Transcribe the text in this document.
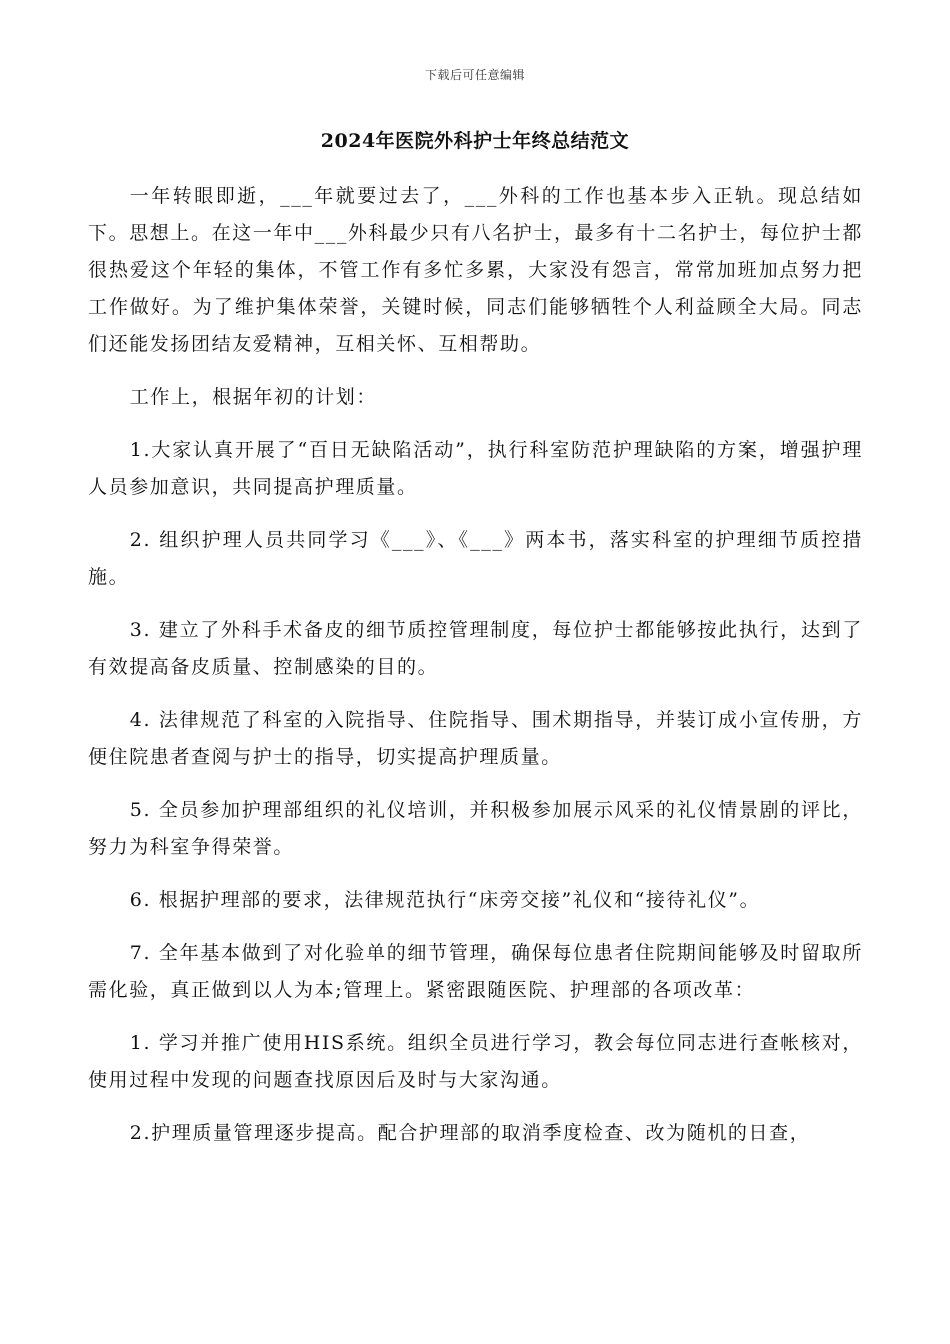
下载后可任意编辑
2024年医院外科护士年终总结范文

一年转眼即逝，___年就要过去了，___外科的工作也基本步入正轨。现总结如下。思想上。在这一年中___外科最少只有八名护士，最多有十二名护士，每位护士都很热爱这个年轻的集体，不管工作有多忙多累，大家没有怨言，常常加班加点努力把工作做好。为了维护集体荣誉，关键时候，同志们能够牺牲个人利益顾全大局。同志们还能发扬团结友爱精神，互相关怀、互相帮助。

工作上，根据年初的计划：

1.大家认真开展了“百日无缺陷活动”，执行科室防范护理缺陷的方案，增强护理人员参加意识，共同提高护理质量。

2. 组织护理人员共同学习《___》、《___》两本书，落实科室的护理细节质控措施。

3. 建立了外科手术备皮的细节质控管理制度，每位护士都能够按此执行，达到了有效提高备皮质量、控制感染的目的。

4. 法律规范了科室的入院指导、住院指导、围术期指导，并装订成小宣传册，方便住院患者查阅与护士的指导，切实提高护理质量。

5. 全员参加护理部组织的礼仪培训，并积极参加展示风采的礼仪情景剧的评比，努力为科室争得荣誉。

6. 根据护理部的要求，法律规范执行“床旁交接”礼仪和“接待礼仪”。

7. 全年基本做到了对化验单的细节管理，确保每位患者住院期间能够及时留取所需化验，真正做到以人为本;管理上。紧密跟随医院、护理部的各项改革：

1. 学习并推广使用HIS系统。组织全员进行学习，教会每位同志进行查帐核对，使用过程中发现的问题查找原因后及时与大家沟通。

2.护理质量管理逐步提高。配合护理部的取消季度检查、改为随机的日查，
